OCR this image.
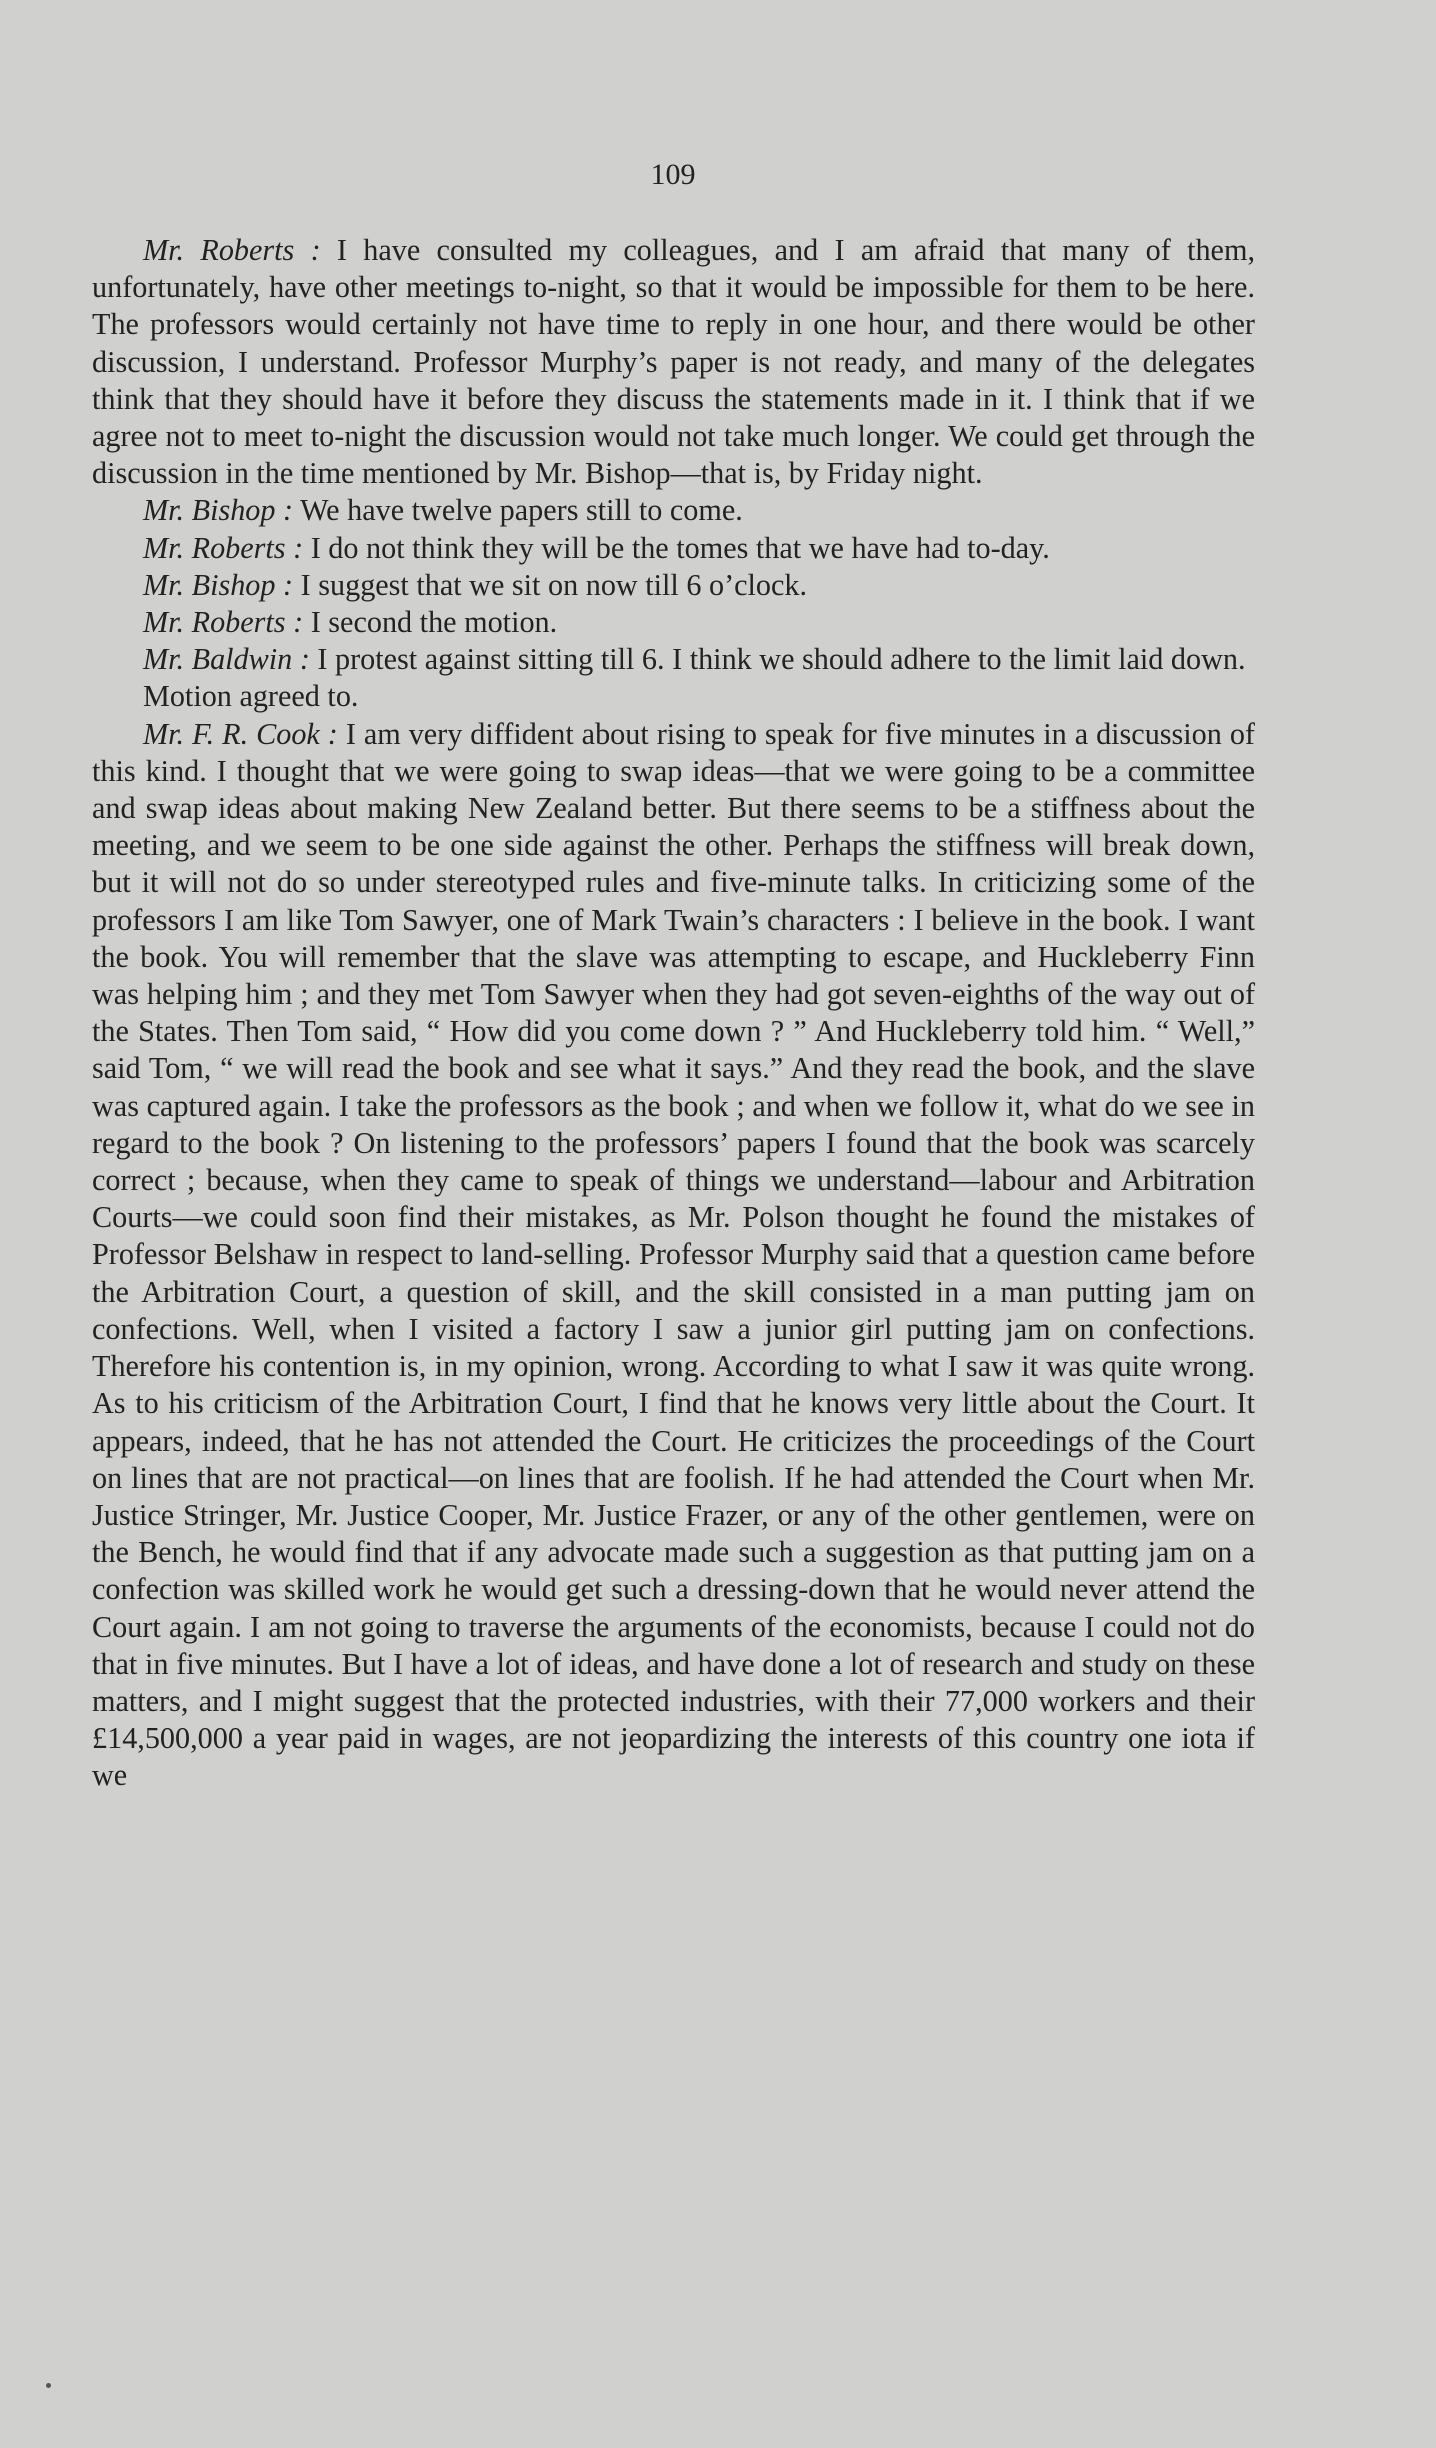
109

Mr. Roberts : I have consulted my colleagues, and I am afraid that many of them, unfortunately, have other meetings to-night, so that it would be impossible for them to be here. The professors would certainly not have time to reply in one hour, and there would be other discussion, I understand. Professor Murphy’s paper is not ready, and many of the delegates think that they should have it before they discuss the statements made in it. I think that if we agree not to meet to-night the discussion would not take much longer. We could get through the discussion in the time mentioned by Mr. Bishop—that is, by Friday night.

Mr. Bishop : We have twelve papers still to come.

Mr. Roberts : I do not think they will be the tomes that we have had to-day.

Mr. Bishop : I suggest that we sit on now till 6 o’clock.

Mr. Roberts : I second the motion.

Mr. Baldwin : I protest against sitting till 6. I think we should adhere to the limit laid down.

Motion agreed to.

Mr. F. R. Cook : I am very diffident about rising to speak for five minutes in a discussion of this kind. I thought that we were going to swap ideas—that we were going to be a committee and swap ideas about making New Zealand better. But there seems to be a stiffness about the meeting, and we seem to be one side against the other. Perhaps the stiffness will break down, but it will not do so under stereotyped rules and five-minute talks. In criticizing some of the professors I am like Tom Sawyer, one of Mark Twain’s characters : I believe in the book. I want the book. You will remember that the slave was attempting to escape, and Huckleberry Finn was helping him ; and they met Tom Sawyer when they had got seven-eighths of the way out of the States. Then Tom said, “ How did you come down ? ” And Huckleberry told him. “ Well,” said Tom, “ we will read the book and see what it says.” And they read the book, and the slave was captured again. I take the professors as the book ; and when we follow it, what do we see in regard to the book ? On listening to the professors’ papers I found that the book was scarcely correct ; because, when they came to speak of things we understand—labour and Arbitration Courts—we could soon find their mistakes, as Mr. Polson thought he found the mistakes of Professor Belshaw in respect to land-selling. Professor Murphy said that a question came before the Arbitration Court, a question of skill, and the skill consisted in a man putting jam on confections. Well, when I visited a factory I saw a junior girl putting jam on confections. Therefore his contention is, in my opinion, wrong. According to what I saw it was quite wrong. As to his criticism of the Arbitration Court, I find that he knows very little about the Court. It appears, indeed, that he has not attended the Court. He criticizes the proceedings of the Court on lines that are not practical—on lines that are foolish. If he had attended the Court when Mr. Justice Stringer, Mr. Justice Cooper, Mr. Justice Frazer, or any of the other gentlemen, were on the Bench, he would find that if any advocate made such a suggestion as that putting jam on a confection was skilled work he would get such a dressing-down that he would never attend the Court again. I am not going to traverse the arguments of the economists, because I could not do that in five minutes. But I have a lot of ideas, and have done a lot of research and study on these matters, and I might suggest that the protected industries, with their 77,000 workers and their £14,500,000 a year paid in wages, are not jeopardizing the interests of this country one iota if we
